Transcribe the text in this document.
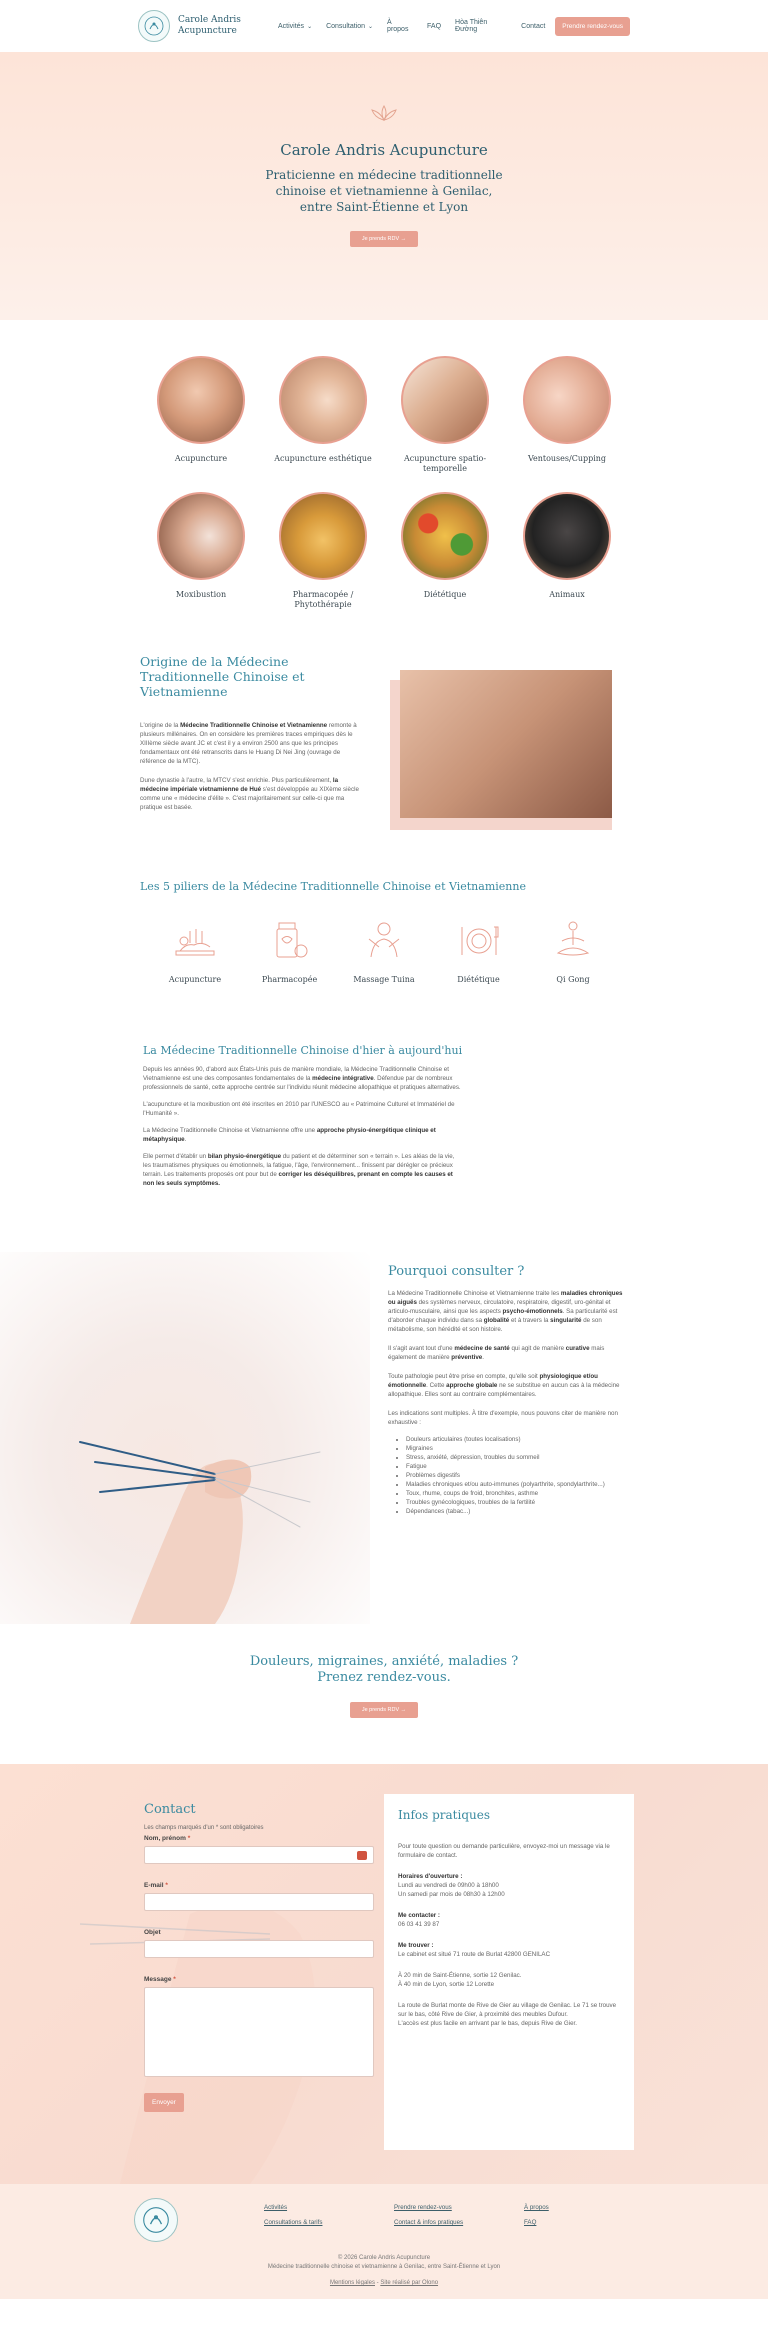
Carole Andris
Acupuncture	Activités ⌄ Consultation ⌄
À propos	FAQ Hòa Thiên Đường	Contact	Prendre rendez-vous
Carole Andris Acupuncture
Praticienne en médecine traditionnelle
chinoise et vietnamienne à Genilac,
entre Saint-Étienne et Lyon
Je prends RDV →
Acupuncture	Acupuncture esthétique	Acupuncture spatio-
temporelle
Ventouses/Cupping
Moxibustion	Pharmacopée /
Phytothérapie
Diététique	Animaux
Origine de la Médecine
Traditionnelle Chinoise et
Vietnamienne

L'origine de la Médecine Traditionnelle Chinoise et Vietnamienne remonte à plusieurs millénaires. On en considère les premières traces empiriques dès le XIIIème siècle avant JC et c'est il y a environ 2500 ans que les principes fondamentaux ont été retranscrits dans le Huang Di Nei Jing (ouvrage de référence de la MTC).

Dune dynastie à l'autre, la MTCV s'est enrichie. Plus particulièrement, la médecine impériale vietnamienne de Hué s'est développée au XIXème siècle comme une « médecine d'élite ». C'est majoritairement sur celle-ci que ma pratique est basée.

Les 5 piliers de la Médecine Traditionnelle Chinoise et Vietnamienne
Acupuncture	Pharmacopée	Massage Tuina	Diététique	Qi Gong
La Médecine Traditionnelle Chinoise d'hier à aujourd'hui

Depuis les années 90, d'abord aux États-Unis puis de manière mondiale, la Médecine Traditionnelle Chinoise et Vietnamienne est une des composantes fondamentales de la médecine intégrative. Défendue par de nombreux professionnels de santé, cette approche centrée sur l'individu réunit médecine allopathique et pratiques alternatives.

L'acupuncture et la moxibustion ont été inscrites en 2010 par l'UNESCO au « Patrimoine Culturel et Immatériel de l'Humanité ».

La Médecine Traditionnelle Chinoise et Vietnamienne offre une approche physio-énergétique clinique et métaphysique.

Elle permet d'établir un bilan physio-énergétique du patient et de déterminer son « terrain ». Les aléas de la vie, les traumatismes physiques ou émotionnels, la fatigue, l'âge, l'environnement... finissent par dérégler ce précieux terrain. Les traitements proposés ont pour but de corriger les déséquilibres, prenant en compte les causes et non les seuls symptômes.

Pourquoi consulter ?

La Médecine Traditionnelle Chinoise et Vietnamienne traite les maladies chroniques ou aiguës des systèmes nerveux, circulatoire, respiratoire, digestif, uro-génital et articulo-musculaire, ainsi que les aspects psycho-émotionnels. Sa particularité est d'aborder chaque individu dans sa globalité et à travers la singularité de son métabolisme, son hérédité et son histoire.

Il s'agit avant tout d'une médecine de santé qui agit de manière curative mais également de manière préventive.

Toute pathologie peut être prise en compte, qu'elle soit physiologique et/ou émotionnelle. Cette approche globale ne se substitue en aucun cas à la médecine allopathique. Elles sont au contraire complémentaires.

Les indications sont multiples. À titre d'exemple, nous pouvons citer de manière non exhaustive :

• Douleurs articulaires (toutes localisations)
• Migraines
• Stress, anxiété, dépression, troubles du sommeil
• Fatigue
• Problèmes digestifs
• Maladies chroniques et/ou auto-immunes (polyarthrite, spondylarthrite...)
• Toux, rhume, coups de froid, bronchites, asthme
• Troubles gynécologiques, troubles de la fertilité
• Dépendances (tabac...)
Douleurs, migraines, anxiété, maladies ?
Prenez rendez-vous.
Je prends RDV →
Contact

Les champs marqués d'un * sont obligatoires

Nom, prénom *
E-mail *
Objet
Message *
Envoyer
Infos pratiques

Pour toute question ou demande particulière, envoyez-moi un message via le formulaire de contact.

Horaires d'ouverture :
Lundi au vendredi de 09h00 à 18h00
Un samedi par mois de 08h30 à 12h00

Me contacter :
06 03 41 39 87

Me trouver :
Le cabinet est situé 71 route de Burlat 42800 GENILAC

À 20 min de Saint-Étienne, sortie 12 Genilac.
À 40 min de Lyon, sortie 12 Lorette

La route de Burlat monte de Rive de Gier au village de Genilac. Le 71 se trouve sur le bas, côté Rive de Gier, à proximité des meubles Dufour.
L'accès est plus facile en arrivant par le bas, depuis Rive de Gier.

Activités	Prendre rendez-vous	À propos
Consultations & tarifs	Contact & infos pratiques	FAQ
© 2026 Carole Andris Acupuncture
Médecine traditionnelle chinoise et vietnamienne à Genilac, entre Saint-Étienne et Lyon
Mentions légales - Site réalisé par Olono
